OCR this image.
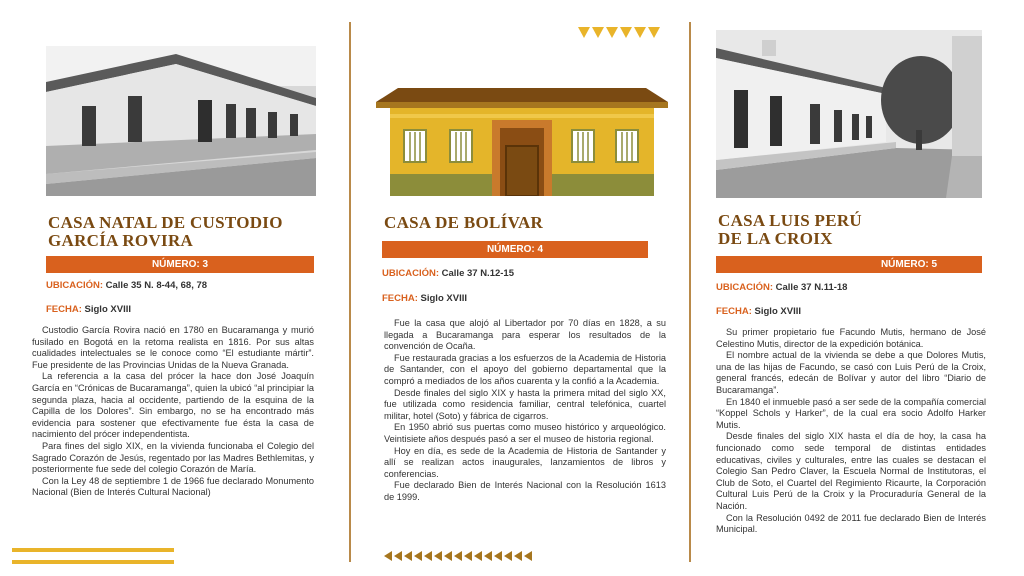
CASA NATAL DE CUSTODIO GARCÍA ROVIRA
NÚMERO: 3
UBICACIÓN: Calle 35 N. 8-44, 68, 78
FECHA: Siglo XVIII

Custodio García Rovira nació en 1780 en Bucaramanga y murió fusilado en Bogotá en la retoma realista en 1816. Por sus altas cualidades intelectuales se le conoce como “El estudiante mártir”. Fue presidente de las Provincias Unidas de la Nueva Granada.

La referencia a la casa del prócer la hace don José Joaquín García en “Crónicas de Bucaramanga”, quien la ubicó “al principiar la segunda plaza, hacia al occidente, partiendo de la esquina de la Capilla de los Dolores”. Sin embargo, no se ha encontrado más evidencia para sostener que efectivamente fue ésta la casa de nacimiento del prócer independentista.

Para fines del siglo XIX, en la vivienda funcionaba el Colegio del Sagrado Corazón de Jesús, regentado por las Madres Bethlemitas, y posteriormente fue sede del colegio Corazón de María.

Con la Ley 48 de septiembre 1 de 1966 fue declarado Monumento Nacional (Bien de Interés Cultural Nacional)

CASA DE BOLÍVAR
NÚMERO: 4
UBICACIÓN: Calle 37 N.12-15
FECHA: Siglo XVIII

Fue la casa que alojó al Libertador por 70 días en 1828, a su llegada a Bucaramanga para esperar los resultados de la convención de Ocaña.

Fue restaurada gracias a los esfuerzos de la Academia de Historia de Santander, con el apoyo del gobierno departamental que la compró a mediados de los años cuarenta y la confió a la Academia.

Desde finales del siglo XIX y hasta la primera mitad del siglo XX, fue utilizada como residencia familiar, central telefónica, cuartel militar, hotel (Soto) y fábrica de cigarros.

En 1950 abrió sus puertas como museo histórico y arqueológico. Veintisiete años después pasó a ser el museo de historia regional.

Hoy en día, es sede de la Academia de Historia de Santander y allí se realizan actos inaugurales, lanzamientos de libros y conferencias.

Fue declarado Bien de Interés Nacional con la Resolución 1613 de 1999.

CASA LUIS PERÚ DE LA CROIX
NÚMERO: 5
UBICACIÓN: Calle 37 N.11-18
FECHA: Siglo XVIII

Su primer propietario fue Facundo Mutis, hermano de José Celestino Mutis, director de la expedición botánica.

El nombre actual de la vivienda se debe a que Dolores Mutis, una de las hijas de Facundo, se casó con Luis Perú de la Croix, general francés, edecán de Bolívar y autor del libro “Diario de Bucaramanga”.

En 1840 el inmueble pasó a ser sede de la compañía comercial “Koppel Schols y Harker”, de la cual era socio Adolfo Harker Mutis.

Desde finales del siglo XIX hasta el día de hoy, la casa ha funcionado como sede temporal de distintas entidades educativas, civiles y culturales, entre las cuales se destacan el Colegio San Pedro Claver, la Escuela Normal de Institutoras, el Club de Soto, el Cuartel del Regimiento Ricaurte, la Corporación Cultural Luis Perú de la Croix y la Procuraduría General de la Nación.

Con la Resolución 0492 de 2011 fue declarado Bien de Interés Municipal.
